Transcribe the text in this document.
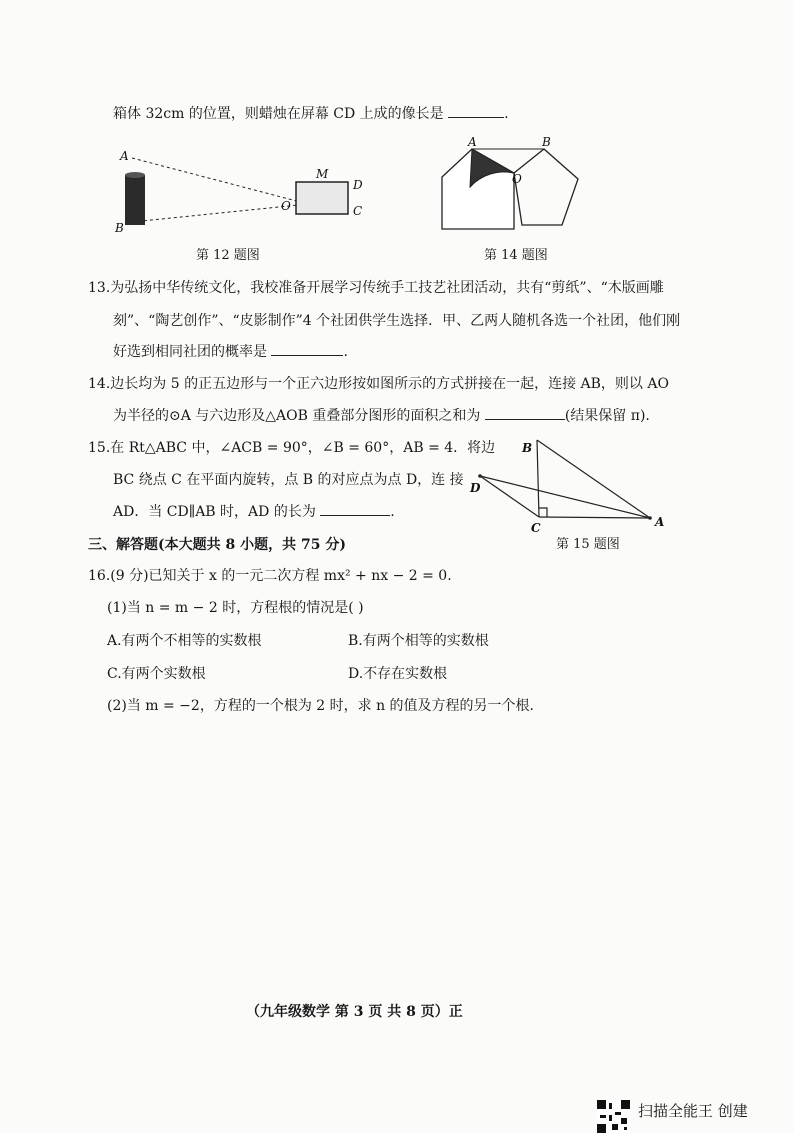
箱体 32cm 的位置，则蜡烛在屏幕 CD 上成的像长是	.
A
B
M
D
O	C
第 12 题图
A	B
O
第 14 题图
13.为弘扬中华传统文化，我校准备开展学习传统手工技艺社团活动，共有“剪纸”、“木版画雕
刻”、“陶艺创作”、“皮影制作”4 个社团供学生选择．甲、乙两人随机各选一个社团，他们刚
好选到相同社团的概率是	.
14.边长均为 5 的正五边形与一个正六边形按如图所示的方式拼接在一起，连接 AB，则以 AO
为半径的⊙A 与六边形及△AOB 重叠部分图形的面积之和为	(结果保留 π).
15.在 Rt△ABC 中，∠ACB = 90°，∠B = 60°，AB = 4．将边
BC 绕点 C 在平面内旋转，点 B 的对应点为点 D，连 接
AD．当 CD∥AB 时，AD 的长为	.
B
D
C	A
第 15 题图
三、解答题(本大题共 8 小题，共 75 分)
16.(9 分)已知关于 x 的一元二次方程 mx² + nx − 2 = 0.
(1)当 n = m − 2 时，方程根的情况是( )
A.有两个不相等的实数根	B.有两个相等的实数根
C.有两个实数根	D.不存在实数根
(2)当 m = −2，方程的一个根为 2 时，求 n 的值及方程的另一个根.
（九年级数学 第 3 页 共 8 页）正
扫描全能王 创建
